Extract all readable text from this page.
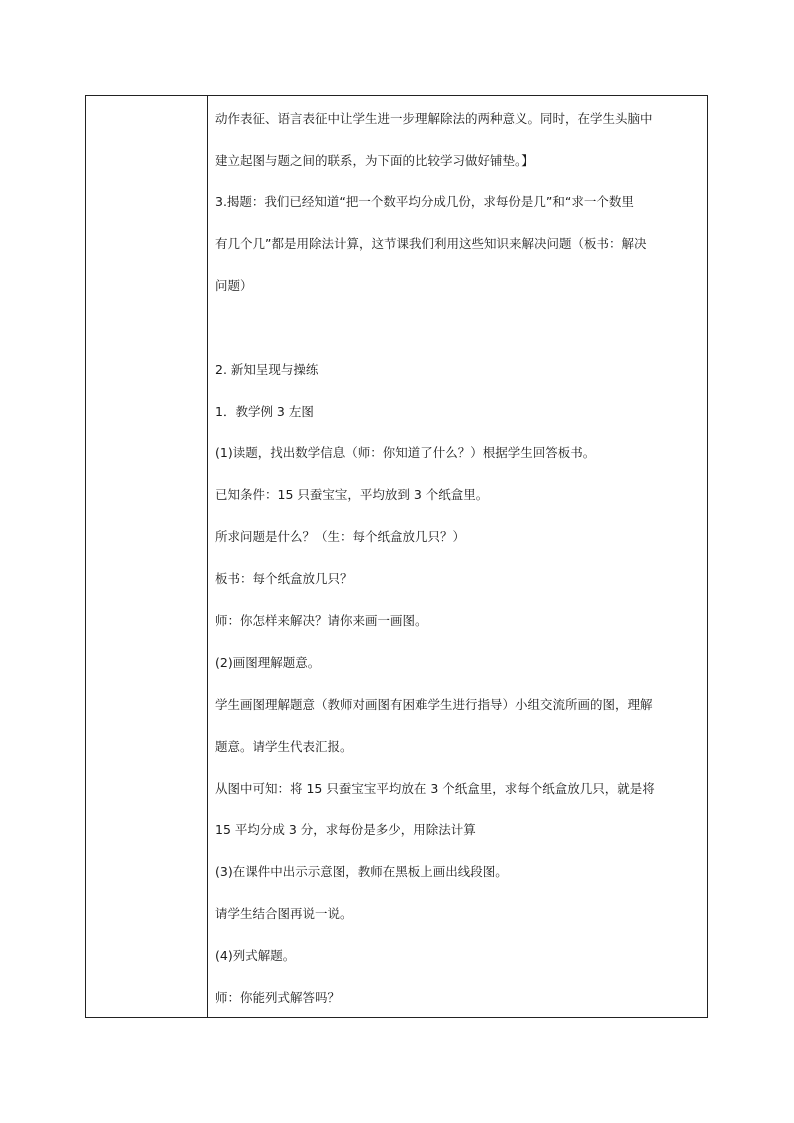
动作表征、语言表征中让学生进一步理解除法的两种意义。同时，在学生头脑中
建立起图与题之间的联系，为下面的比较学习做好铺垫。】
3.揭题：我们已经知道“把一个数平均分成几份，求每份是几”和“求一个数里
有几个几”都是用除法计算，这节课我们利用这些知识来解决问题（板书：解决
问题）
2. 新知呈现与操练
1．教学例 3 左图
(1)读题，找出数学信息（师：你知道了什么？）根据学生回答板书。
已知条件：15 只蚕宝宝，平均放到 3 个纸盒里。
所求问题是什么？（生：每个纸盒放几只？）
板书：每个纸盒放几只？
师：你怎样来解决？请你来画一画图。
(2)画图理解题意。
学生画图理解题意（教师对画图有困难学生进行指导）小组交流所画的图，理解
题意。请学生代表汇报。
从图中可知：将 15 只蚕宝宝平均放在 3 个纸盒里，求每个纸盒放几只，就是将
15 平均分成 3 分，求每份是多少，用除法计算
(3)在课件中出示示意图，教师在黑板上画出线段图。
请学生结合图再说一说。
(4)列式解题。
师：你能列式解答吗？
